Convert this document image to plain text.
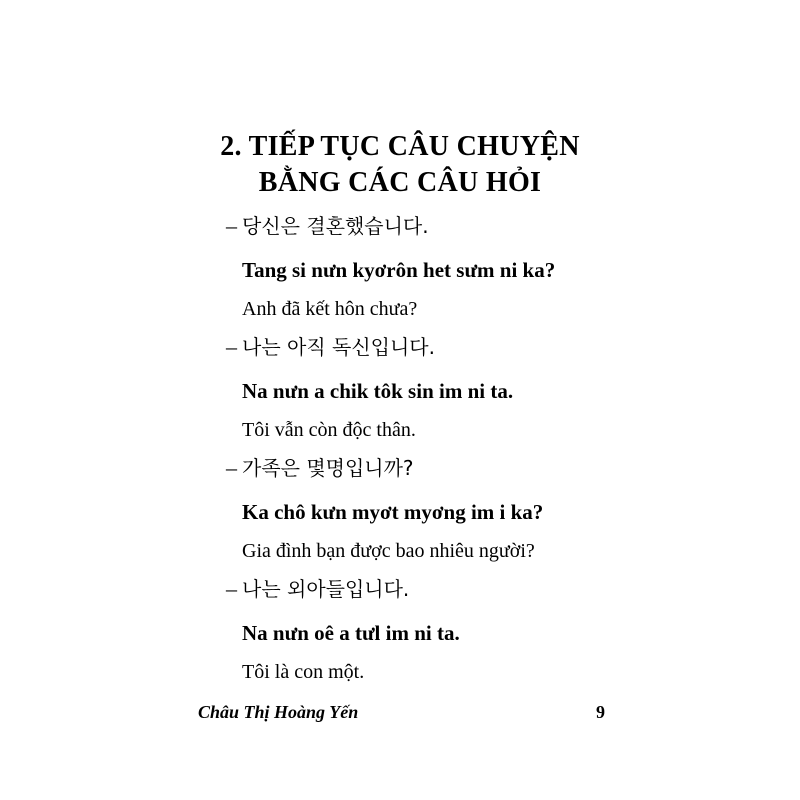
2. TIẾP TỤC CÂU CHUYỆN
BẰNG CÁC CÂU HỎI
– 당신은 결혼했습니다.
Tang si nưn kyơrôn het sưm ni ka?
Anh đã kết hôn chưa?
– 나는 아직 독신입니다.
Na nưn a chik tôk sin im ni ta.
Tôi vẫn còn độc thân.
– 가족은 몇명입니까?
Ka chô kưn myơt myơng im i ka?
Gia đình bạn được bao nhiêu người?
– 나는 외아들입니다.
Na nưn oê a tưl im ni ta.
Tôi là con một.
Châu Thị Hoàng Yến	9
